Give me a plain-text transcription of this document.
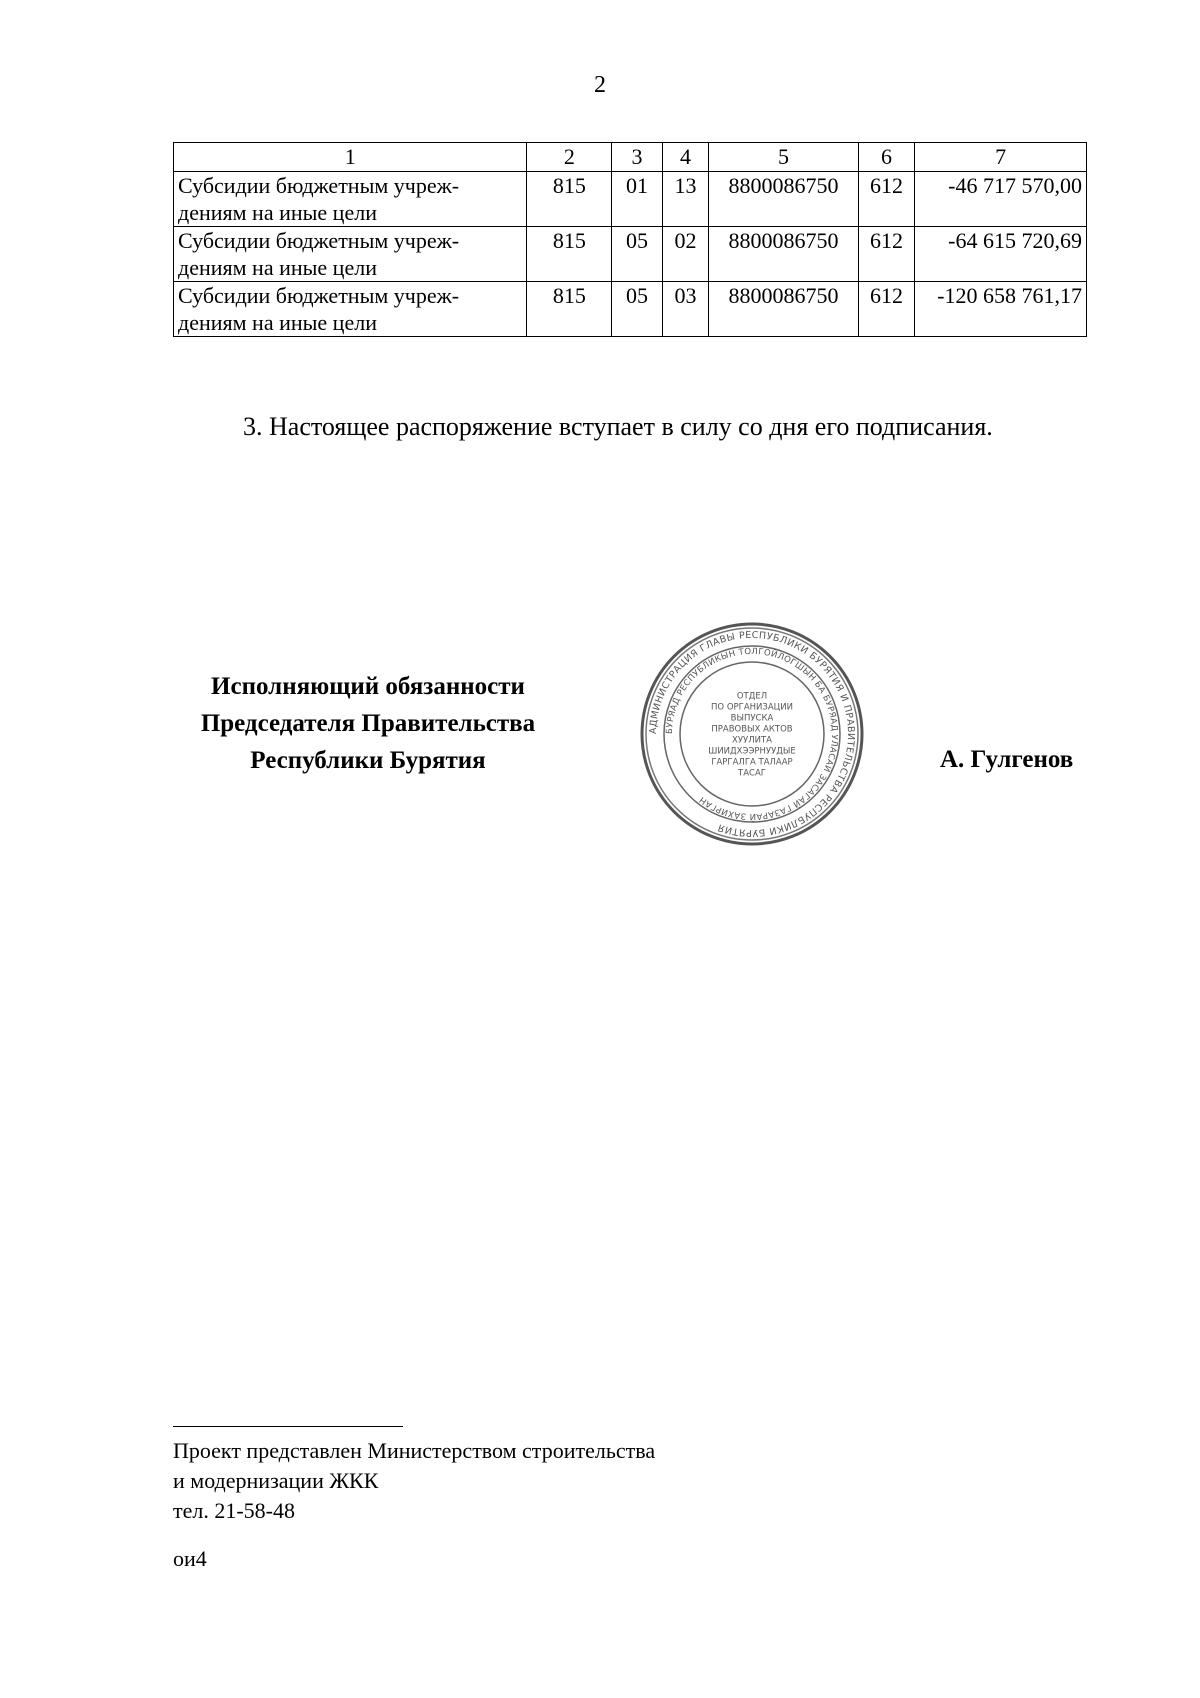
2
1	2	3	4	5	6	7
Субсидии бюджетным учреж-
дениям на иные цели	815	01	13	8800086750	612	-46 717 570,00
Субсидии бюджетным учреж-
дениям на иные цели	815	05	02	8800086750	612	-64 615 720,69
Субсидии бюджетным учреж-
дениям на иные цели	815	05	03	8800086750	612	-120 658 761,17
3. Настоящее распоряжение вступает в силу со дня его подписания.
Исполняющий обязанности
Председателя Правительства
Республики Бурятия
АДМИНИСТРАЦИЯ ГЛАВЫ РЕСПУБЛИКИ БУРЯТИЯ И ПРАВИТЕЛЬСТВА РЕСПУБЛИКИ БУРЯТИЯ
БУРЯАД РЕСПУБЛИКЫН ТОЛГОЙЛОГШЫН БА БУРЯАД УЛАСАЙ ЗАСАГАЙ ГАЗАРАЙ ЗАХИРГАН
ОТДЕЛ
ПО ОРГАНИЗАЦИИ
ВЫПУСКА
ПРАВОВЫХ АКТОВ
ХУУЛИТА
ШИИДХЭЭРНУУДЫЕ
ГАРГАЛГА ТАЛААР
ТАСАГ
А. Гулгенов
Проект представлен Министерством строительства
и модернизации ЖКК
тел. 21-58-48
ои4
